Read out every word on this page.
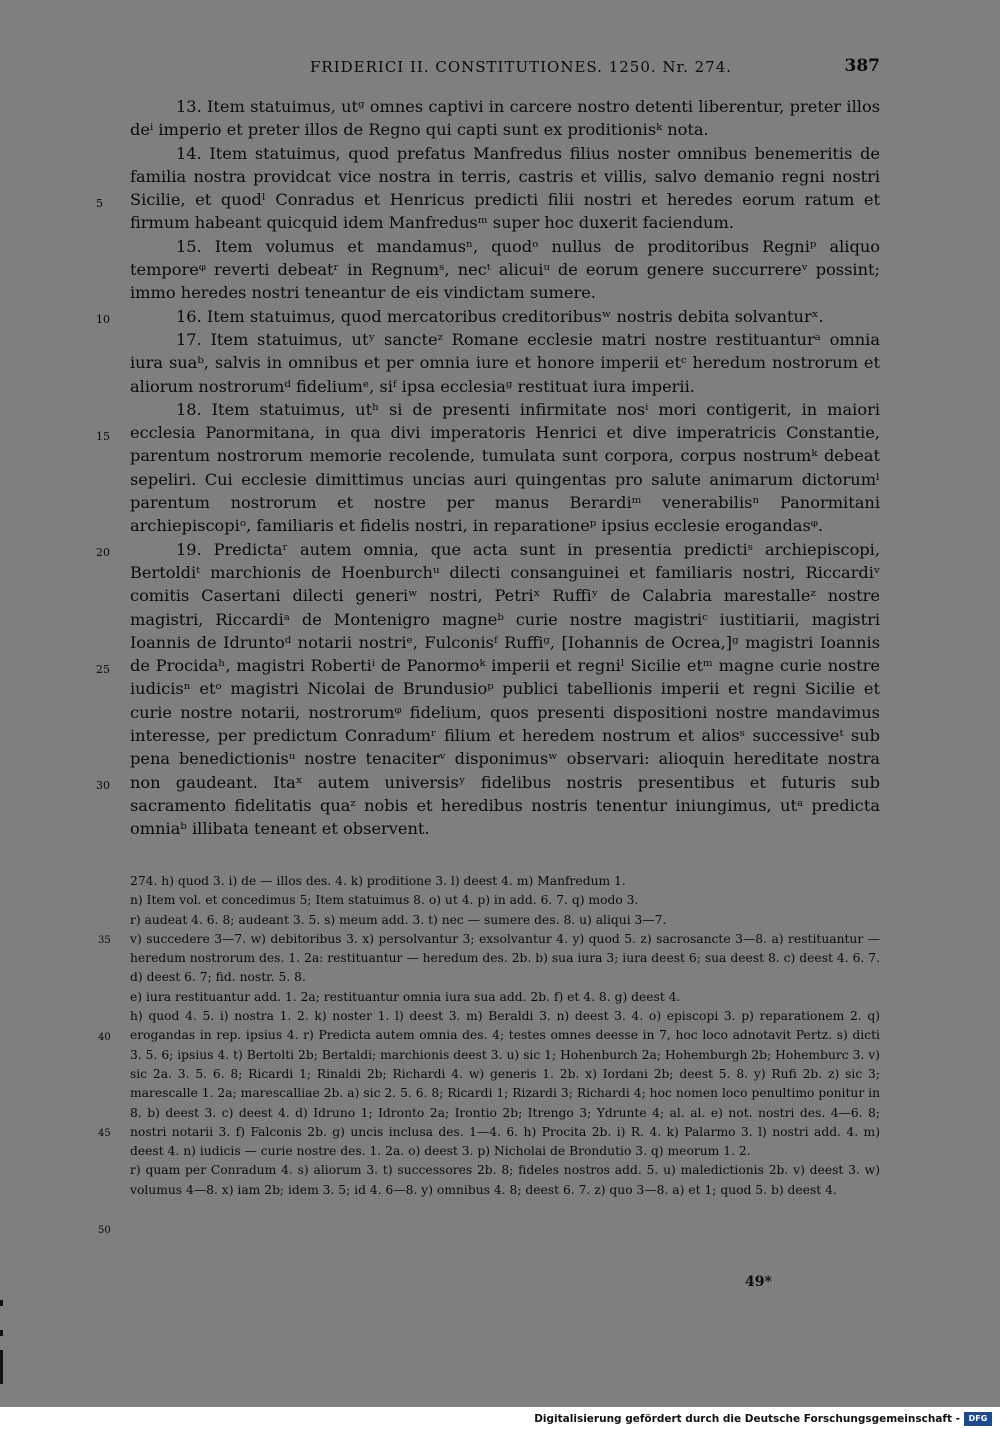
FRIDERICI II. CONSTITUTIONES. 1250. Nr. 274.	387
5
10
15
20
25
30

13. Item statuimus, utᵍ omnes captivi in carcere nostro detenti liberentur, preter illos deⁱ imperio et preter illos de Regno qui capti sunt ex proditionisᵏ nota.

14. Item statuimus, quod prefatus Manfredus filius noster omnibus benemeritis de familia nostra providcat vice nostra in terris, castris et villis, salvo demanio regni nostri Sicilie, et quodˡ Conradus et Henricus predicti filii nostri et heredes eorum ratum et firmum habeant quicquid idem Manfredusᵐ super hoc duxerit faciendum.

15. Item volumus et mandamusⁿ, quodᵒ nullus de proditoribus Regniᵖ aliquo temporeᵠ reverti debeatʳ in Regnumˢ, necᵗ alicuiᵘ de eorum genere succurrereᵛ possint; immo heredes nostri teneantur de eis vindictam sumere.

16. Item statuimus, quod mercatoribus creditoribusʷ nostris debita solvanturˣ.

17. Item statuimus, utʸ sancteᶻ Romane ecclesie matri nostre restituanturᵃ omnia iura suaᵇ, salvis in omnibus et per omnia iure et honore imperii etᶜ heredum nostrorum et aliorum nostrorumᵈ fideliumᵉ, siᶠ ipsa ecclesiaᵍ restituat iura imperii.

18. Item statuimus, utʰ si de presenti infirmitate nosⁱ mori contigerit, in maiori ecclesia Panormitana, in qua divi imperatoris Henrici et dive imperatricis Constantie, parentum nostrorum memorie recolende, tumulata sunt corpora, corpus nostrumᵏ debeat sepeliri. Cui ecclesie dimittimus uncias auri quingentas pro salute animarum dictorumˡ parentum nostrorum et nostre per manus Berardiᵐ venerabilisⁿ Panormitani archiepiscopiᵒ, familiaris et fidelis nostri, in reparationeᵖ ipsius ecclesie erogandasᵠ.

19. Predictaʳ autem omnia, que acta sunt in presentia predictiˢ archiepiscopi, Bertoldiᵗ marchionis de Hoenburchᵘ dilecti consanguinei et familiaris nostri, Riccardiᵛ comitis Casertani dilecti generiʷ nostri, Petriˣ Ruffiʸ de Calabria marestalleᶻ nostre magistri, Riccardiᵃ de Montenigro magneᵇ curie nostre magistriᶜ iustitiarii, magistri Ioannis de Idruntoᵈ notarii nostriᵉ, Fulconisᶠ Ruffiᵍ, [Iohannis de Ocrea,]ᵍ magistri Ioannis de Procidaʰ, magistri Robertiⁱ de Panormoᵏ imperii et regniˡ Sicilie etᵐ magne curie nostre iudicisⁿ etᵒ magistri Nicolai de Brundusioᵖ publici tabellionis imperii et regni Sicilie et curie nostre notarii, nostrorumᵠ fidelium, quos presenti dispositioni nostre mandavimus interesse, per predictum Conradumʳ filium et heredem nostrum et aliosˢ successiveᵗ sub pena benedictionisᵘ nostre tenaciterᵛ disponimusʷ observari: alioquin hereditate nostra non gaudeant. Itaˣ autem universisʸ fidelibus nostris presentibus et futuris sub sacramento fidelitatis quaᶻ nobis et heredibus nostris tenentur iniungimus, utᵃ predicta omniaᵇ illibata teneant et observent.

35
40
45
50

274. h) quod 3. i) de — illos des. 4. k) proditione 3. l) deest 4. m) Manfredum 1.

n) Item vol. et concedimus 5; Item statuimus 8. o) ut 4. p) in add. 6. 7. q) modo 3.

r) audeat 4. 6. 8; audeant 3. 5. s) meum add. 3. t) nec — sumere des. 8. u) aliqui 3—7.

v) succedere 3—7. w) debitoribus 3. x) persolvantur 3; exsolvantur 4. y) quod 5. z) sacrosancte 3—8. a) restituantur — heredum nostrorum des. 1. 2a: restituantur — heredum des. 2b. b) sua iura 3; iura deest 6; sua deest 8. c) deest 4. 6. 7. d) deest 6. 7; fid. nostr. 5. 8.

e) iura restituantur add. 1. 2a; restituantur omnia iura sua add. 2b. f) et 4. 8. g) deest 4.

h) quod 4. 5. i) nostra 1. 2. k) noster 1. l) deest 3. m) Beraldi 3. n) deest 3. 4. o) episcopi 3. p) reparationem 2. q) erogandas in rep. ipsius 4. r) Predicta autem omnia des. 4; testes omnes deesse in 7, hoc loco adnotavit Pertz. s) dicti 3. 5. 6; ipsius 4. t) Bertolti 2b; Bertaldi; marchionis deest 3. u) sic 1; Hohenburch 2a; Hohemburgh 2b; Hohemburc 3. v) sic 2a. 3. 5. 6. 8; Ricardi 1; Rinaldi 2b; Richardi 4. w) generis 1. 2b. x) Iordani 2b; deest 5. 8. y) Rufi 2b. z) sic 3; marescalle 1. 2a; marescalliae 2b. a) sic 2. 5. 6. 8; Ricardi 1; Rizardi 3; Richardi 4; hoc nomen loco penultimo ponitur in 8. b) deest 3. c) deest 4. d) Idruno 1; Idronto 2a; Irontio 2b; Itrengo 3; Ydrunte 4; al. al. e) not. nostri des. 4—6. 8; nostri notarii 3. f) Falconis 2b. g) uncis inclusa des. 1—4. 6. h) Procita 2b. i) R. 4. k) Palarmo 3. l) nostri add. 4. m) deest 4. n) iudicis — curie nostre des. 1. 2a. o) deest 3. p) Nicholai de Brondutio 3. q) meorum 1. 2.

r) quam per Conradum 4. s) aliorum 3. t) successores 2b. 8; fideles nostros add. 5. u) maledictionis 2b. v) deest 3. w) volumus 4—8. x) iam 2b; idem 3. 5; id 4. 6—8. y) omnibus 4. 8; deest 6. 7. z) quo 3—8. a) et 1; quod 5. b) deest 4.

49*
Digitalisierung gefördert durch die Deutsche Forschungsgemeinschaft -	DFG
